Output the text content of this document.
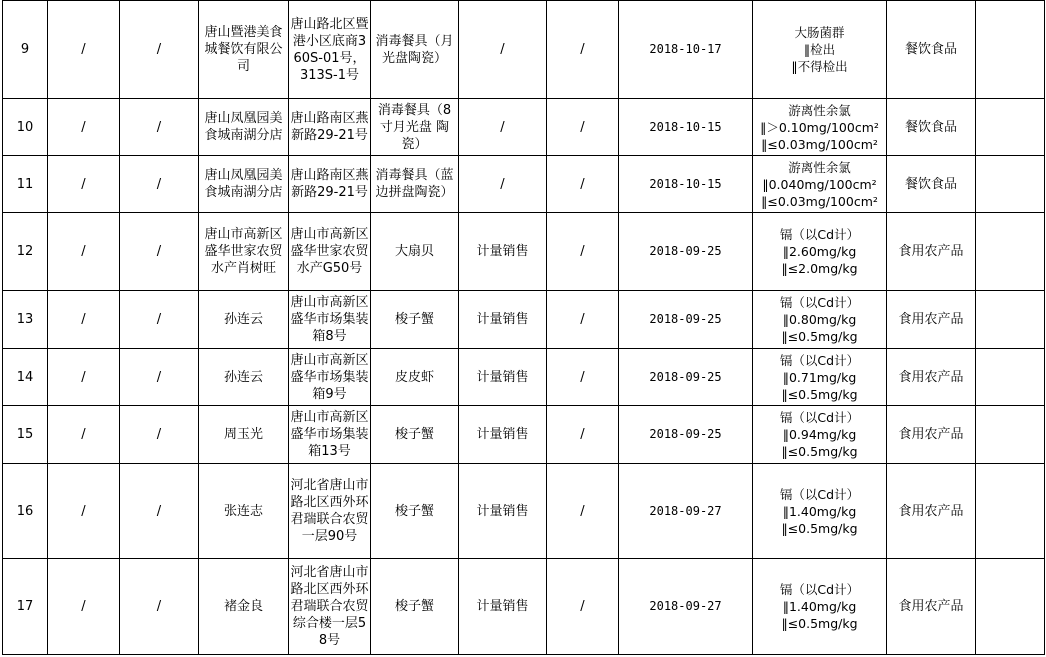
9	/	/	唐山暨港美食城餐饮有限公司	唐山路北区暨港小区底商360S-01号，313S-1号	消毒餐具（月光盘陶瓷）	/	/	2018-10-17	大肠菌群
‖检出
‖不得检出	餐饮食品	
10	/	/	唐山凤凰园美食城南湖分店	唐山路南区燕新路29-21号	消毒餐具（8寸月光盘 陶瓷）	/	/	2018-10-15	游离性余氯
‖＞0.10mg/100cm²
‖≤0.03mg/100cm²	餐饮食品	
11	/	/	唐山凤凰园美食城南湖分店	唐山路南区燕新路29-21号	消毒餐具（蓝边拼盘陶瓷）	/	/	2018-10-15	游离性余氯
‖0.040mg/100cm²
‖≤0.03mg/100cm²	餐饮食品	
12	/	/	唐山市高新区盛华世家农贸水产肖树旺	唐山市高新区盛华世家农贸水产G50号	大扇贝	计量销售	/	2018-09-25	镉（以Cd计）
‖2.60mg/kg
‖≤2.0mg/kg	食用农产品	
13	/	/	孙连云	唐山市高新区盛华市场集装箱8号	梭子蟹	计量销售	/	2018-09-25	镉（以Cd计）
‖0.80mg/kg
‖≤0.5mg/kg	食用农产品	
14	/	/	孙连云	唐山市高新区盛华市场集装箱9号	皮皮虾	计量销售	/	2018-09-25	镉（以Cd计）
‖0.71mg/kg
‖≤0.5mg/kg	食用农产品	
15	/	/	周玉光	唐山市高新区盛华市场集装箱13号	梭子蟹	计量销售	/	2018-09-25	镉（以Cd计）
‖0.94mg/kg
‖≤0.5mg/kg	食用农产品	
16	/	/	张连志	河北省唐山市路北区西外环君瑞联合农贸一层90号	梭子蟹	计量销售	/	2018-09-27	镉（以Cd计）
‖1.40mg/kg
‖≤0.5mg/kg	食用农产品	
17	/	/	褚金良	河北省唐山市路北区西外环君瑞联合农贸综合楼一层58号	梭子蟹	计量销售	/	2018-09-27	镉（以Cd计）
‖1.40mg/kg
‖≤0.5mg/kg	食用农产品	
